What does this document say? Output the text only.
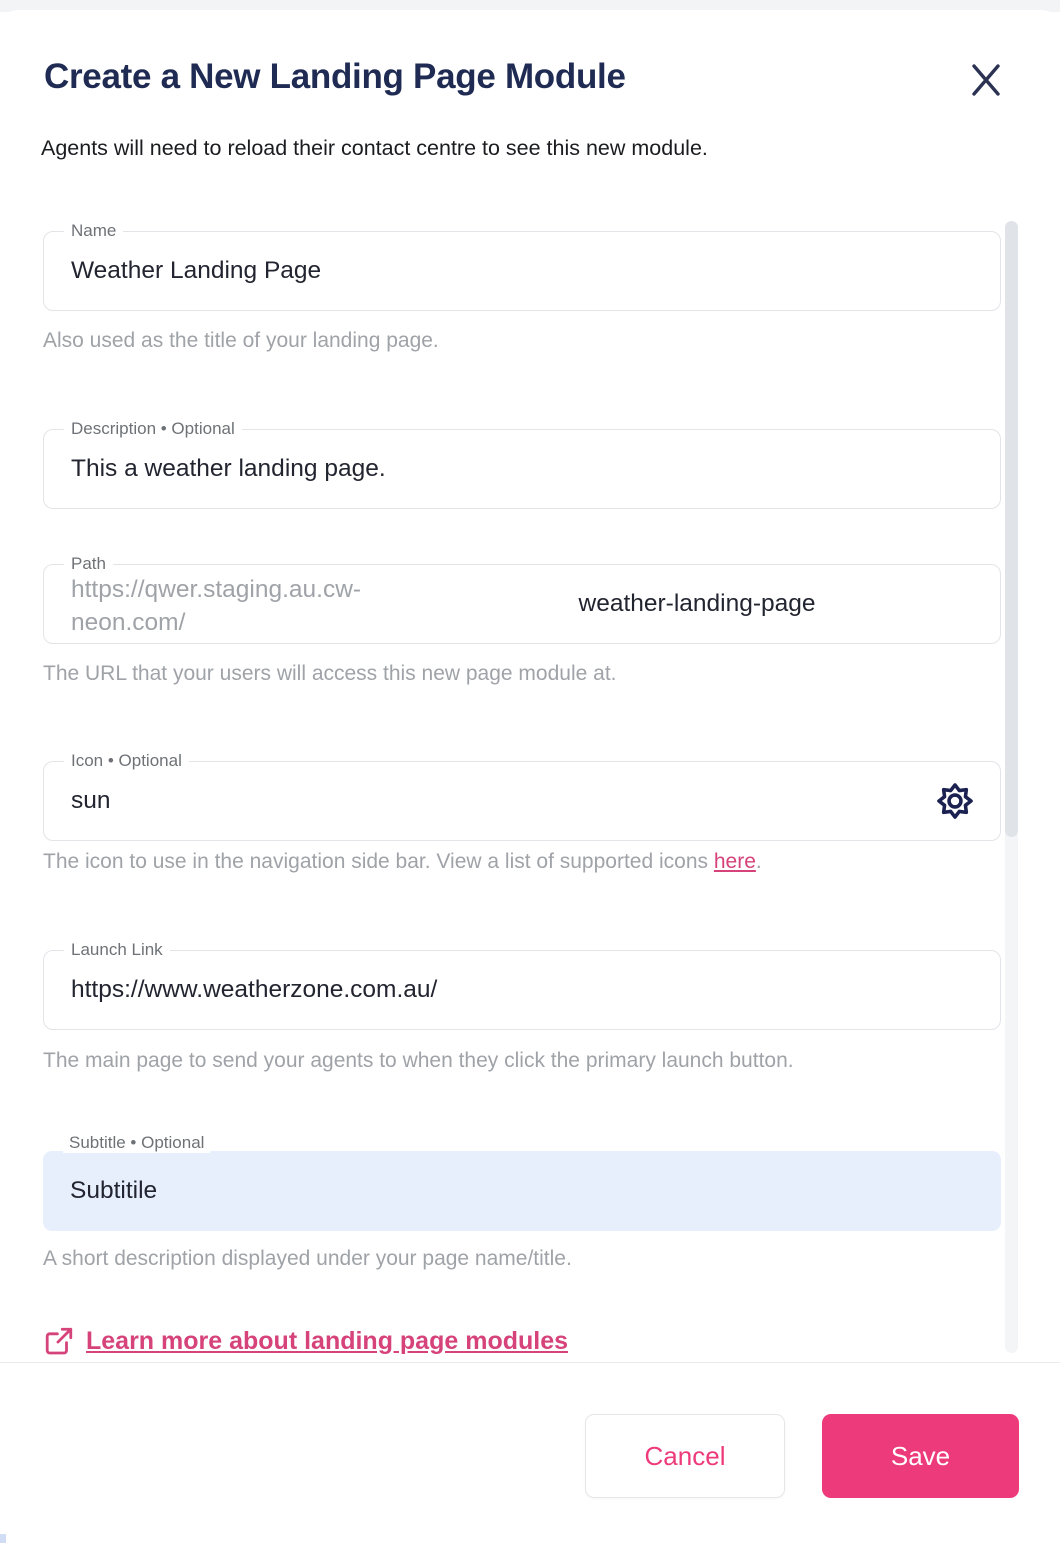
Create a New Landing Page Module

Agents will need to reload their contact centre to see this new module.

Name
Weather Landing Page

Also used as the title of your landing page.

Description • Optional
This a weather landing page.
Path
https://qwer.staging.au.cw-neon.com/
weather-landing-page

The URL that your users will access this new page module at.

Icon • Optional
sun

The icon to use in the navigation side bar. View a list of supported icons here.

Launch Link
https://www.weatherzone.com.au/

The main page to send your agents to when they click the primary launch button.

Subtitle • Optional
Subtitile

A short description displayed under your page name/title.

Learn more about landing page modules
Cancel	Save
